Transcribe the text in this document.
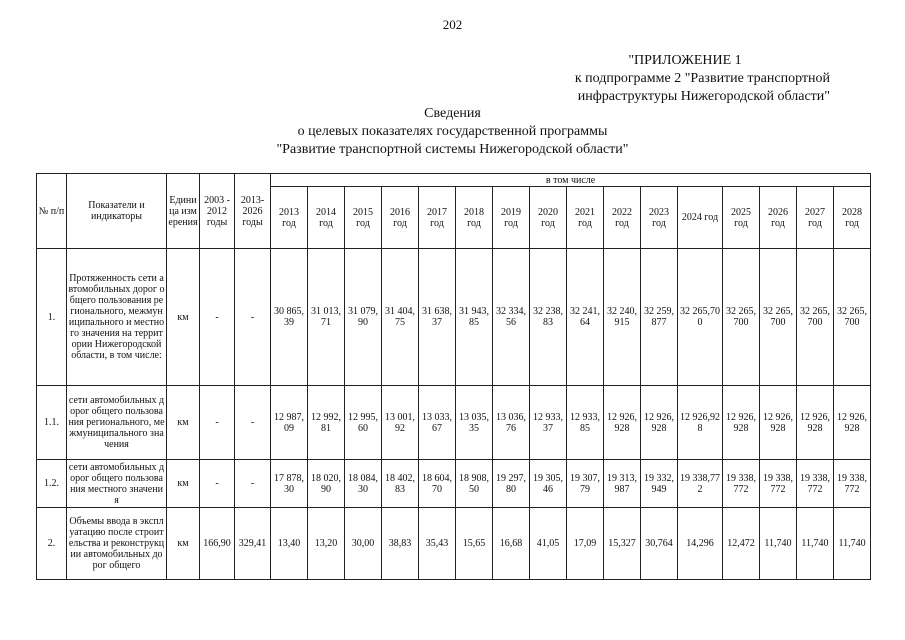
202
"ПРИЛОЖЕНИЕ 1
к подпрограмме 2 "Развитие транспортной
инфраструктуры Нижегородской области"
Сведения
о целевых показателях государственной программы
"Развитие транспортной системы Нижегородской области"
№ п/п	Показатели и индикаторы	Единица измерения	2003 - 2012 годы	2013-2026 годы	в том числе															
					2013 год	2014 год	2015 год	2016 год	2017 год	2018 год	2019 год	2020 год	2021 год	2022 год	2023 год	2024 год	2025 год	2026 год	2027 год	2028 год
1.	Протяженность сети автомобильных дорог общего пользования регионального, межмуниципального и местного значения на территории Нижегородской области, в том числе:	км	-	-	30 865,39	31 013,71	31 079,90	31 404,75	31 638,37	31 943,85	32 334,56	32 238,83	32 241,64	32 240,915	32 259,877	32 265,700	32 265,700	32 265,700	32 265,700	32 265,700
1.1.	сети автомобильных дорог общего пользования регионального, межмуниципального значения	км	-	-	12 987,09	12 992,81	12 995,60	13 001,92	13 033,67	13 035,35	13 036,76	12 933,37	12 933,85	12 926,928	12 926,928	12 926,928	12 926,928	12 926,928	12 926,928	12 926,928
1.2.	сети автомобильных дорог общего пользования местного значения	км	-	-	17 878,30	18 020,90	18 084,30	18 402,83	18 604,70	18 908,50	19 297,80	19 305,46	19 307,79	19 313,987	19 332,949	19 338,772	19 338,772	19 338,772	19 338,772	19 338,772
2.	Объемы ввода в эксплуатацию после строительства и реконструкции автомобильных дорог общего	км	166,90	329,41	13,40	13,20	30,00	38,83	35,43	15,65	16,68	41,05	17,09	15,327	30,764	14,296	12,472	11,740	11,740	11,740
